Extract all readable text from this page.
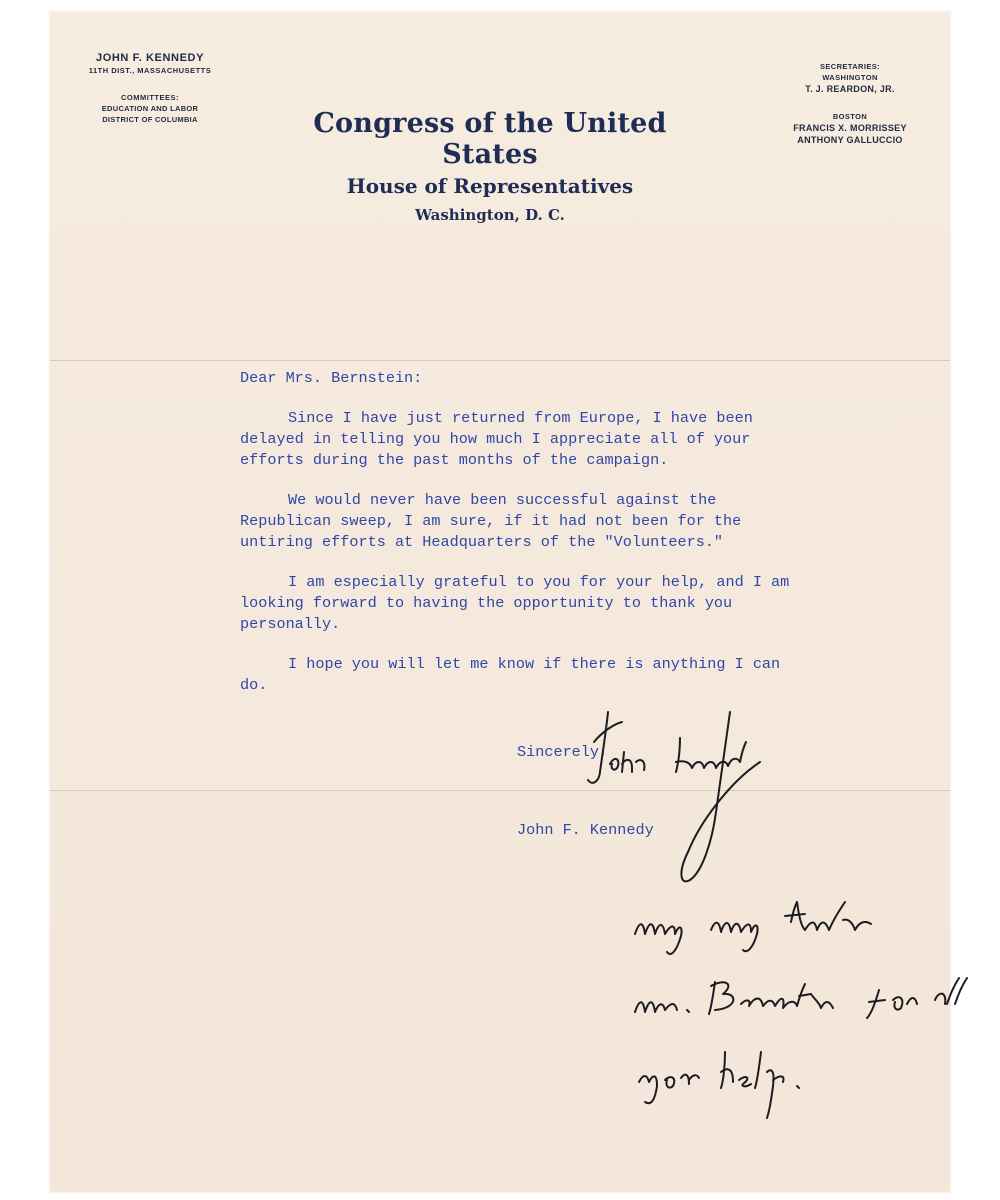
JOHN F. KENNEDY
11TH DIST., MASSACHUSETTS
COMMITTEES:
EDUCATION AND LABOR
DISTRICT OF COLUMBIA	Congress of the United States
House of Representatives
Washington, D. C.
SECRETARIES:
WASHINGTON
T. J. REARDON, JR.
BOSTON
FRANCIS X. MORRISSEY
ANTHONY GALLUCCIO

Dear Mrs. Bernstein:

Since I have just returned from Europe, I have been delayed in telling you how much I appreciate all of your efforts during the past months of the campaign.

We would never have been successful against the Republican sweep, I am sure, if it had not been for the untiring efforts at Headquarters of the "Volunteers."

I am especially grateful to you for your help, and I am looking forward to having the opportunity to thank you personally.

I hope you will let me know if there is anything I can do.

Sincerely,
John F. Kennedy
